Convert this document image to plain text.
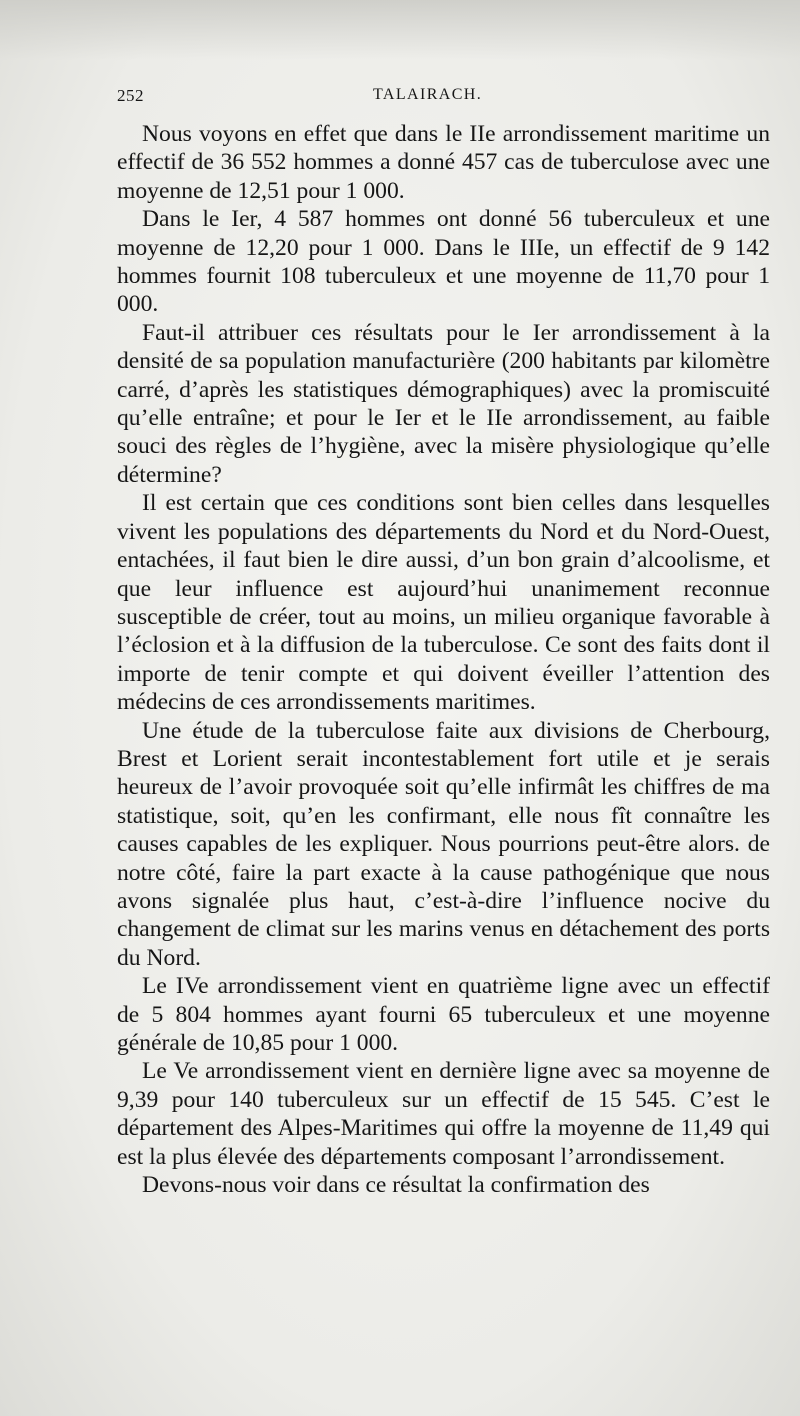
252	TALAIRACH.

Nous voyons en effet que dans le IIe arrondissement maritime un effectif de 36 552 hommes a donné 457 cas de tuberculose avec une moyenne de 12,51 pour 1 000.

Dans le Ier, 4 587 hommes ont donné 56 tuberculeux et une moyenne de 12,20 pour 1 000. Dans le IIIe, un effectif de 9 142 hommes fournit 108 tuberculeux et une moyenne de 11,70 pour 1 000.

Faut-il attribuer ces résultats pour le Ier arrondissement à la densité de sa population manufacturière (200 habitants par kilomètre carré, d’après les statistiques démographiques) avec la promiscuité qu’elle entraîne; et pour le Ier et le IIe arrondissement, au faible souci des règles de l’hygiène, avec la misère physiologique qu’elle détermine?

Il est certain que ces conditions sont bien celles dans lesquelles vivent les populations des départements du Nord et du Nord-Ouest, entachées, il faut bien le dire aussi, d’un bon grain d’alcoolisme, et que leur influence est aujourd’hui unanimement reconnue susceptible de créer, tout au moins, un milieu organique favorable à l’éclosion et à la diffusion de la tuberculose. Ce sont des faits dont il importe de tenir compte et qui doivent éveiller l’attention des médecins de ces arrondissements maritimes.

Une étude de la tuberculose faite aux divisions de Cherbourg, Brest et Lorient serait incontestablement fort utile et je serais heureux de l’avoir provoquée soit qu’elle infirmât les chiffres de ma statistique, soit, qu’en les confirmant, elle nous fît connaître les causes capables de les expliquer. Nous pourrions peut-être alors. de notre côté, faire la part exacte à la cause pathogénique que nous avons signalée plus haut, c’est-à-dire l’influence nocive du changement de climat sur les marins venus en détachement des ports du Nord.

Le IVe arrondissement vient en quatrième ligne avec un effectif de 5 804 hommes ayant fourni 65 tuberculeux et une moyenne générale de 10,85 pour 1 000.

Le Ve arrondissement vient en dernière ligne avec sa moyenne de 9,39 pour 140 tuberculeux sur un effectif de 15 545. C’est le département des Alpes-Maritimes qui offre la moyenne de 11,49 qui est la plus élevée des départements composant l’arrondissement.

Devons-nous voir dans ce résultat la confirmation des
